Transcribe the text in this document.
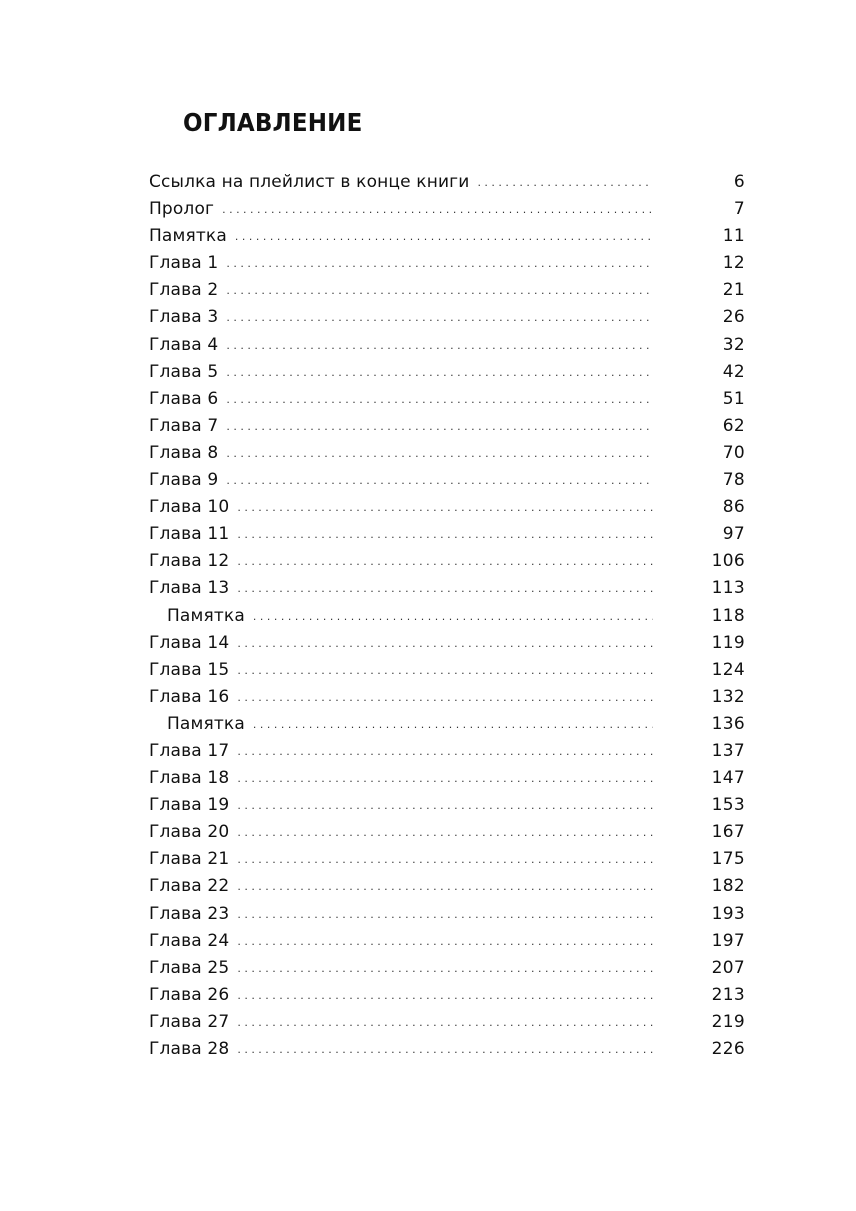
ОГЛАВЛЕНИЕ
Ссылка на плейлист в конце книги . . .	6
Пролог . . .	7
Памятка . . .	11
Глава 1 . . .	12
Глава 2 . . .	21
Глава 3 . . .	26
Глава 4 . . .	32
Глава 5 . . .	42
Глава 6 . . .	51
Глава 7 . . .	62
Глава 8 . . .	70
Глава 9 . . .	78
Глава 10 . . .	86
Глава 11 . . .	97
Глава 12 . . .	106
Глава 13 . . .	113
Памятка . . .	118
Глава 14 . . .	119
Глава 15 . . .	124
Глава 16 . . .	132
Памятка . . .	136
Глава 17 . . .	137
Глава 18 . . .	147
Глава 19 . . .	153
Глава 20 . . .	167
Глава 21 . . .	175
Глава 22 . . .	182
Глава 23 . . .	193
Глава 24 . . .	197
Глава 25 . . .	207
Глава 26 . . .	213
Глава 27 . . .	219
Глава 28 . . .	226
